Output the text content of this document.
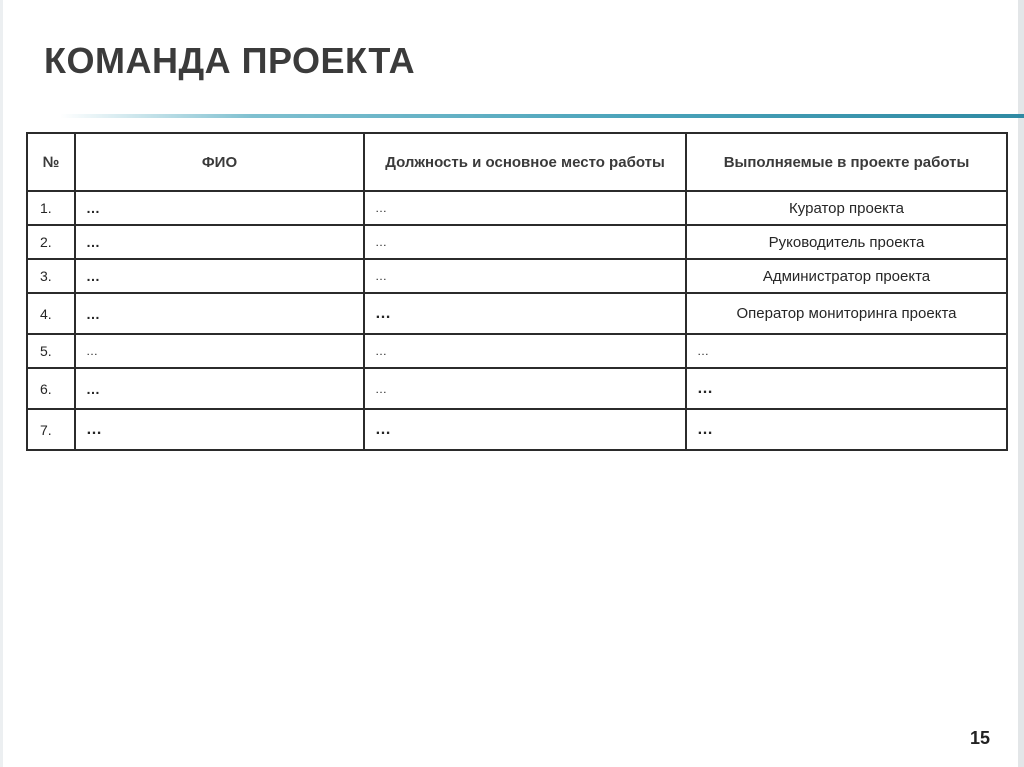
КОМАНДА ПРОЕКТА
№	ФИО	Должность и основное место работы	Выполняемые в проекте работы
1.	…	…	Куратор проекта
2.	…	…	Руководитель проекта
3.	…	…	Администратор проекта
4.	…	…	Оператор мониторинга проекта
5.	…	…	…
6.	…	…	…
7.	…	…	…
15
